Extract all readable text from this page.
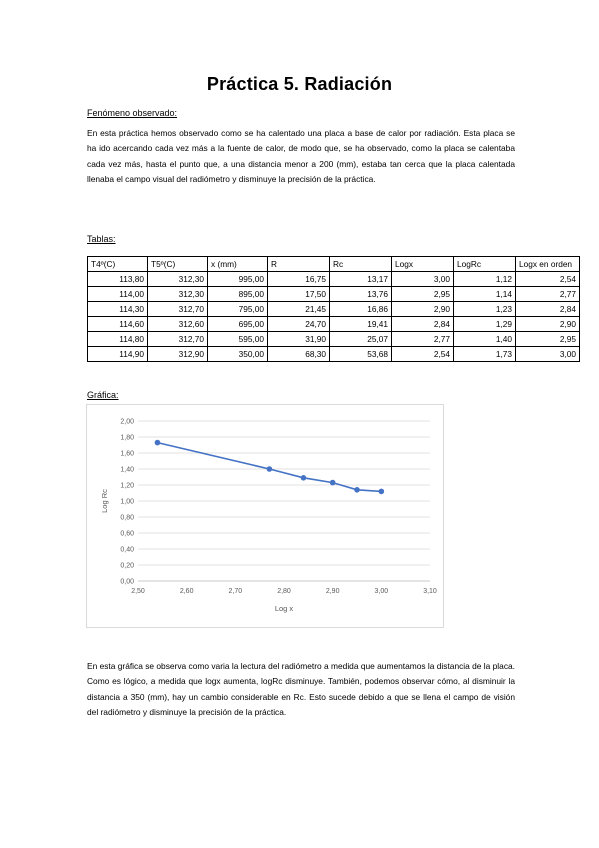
Práctica 5. Radiación
Fenómeno observado:
En esta práctica hemos observado como se ha calentado una placa a base de calor por radiación. Esta placa se ha ido acercando cada vez más a la fuente de calor, de modo que, se ha observado, como la placa se calentaba cada vez más, hasta el punto que, a una distancia menor a 200 (mm), estaba tan cerca que la placa calentada llenaba el campo visual del radiómetro y disminuye la precisión de la práctica.
Tablas:
T4º(C)	T5º(C)	x (mm)	R	Rc	Logx	LogRc	Logx en orden
113,80	312,30	995,00	16,75	13,17	3,00	1,12	2,54
114,00	312,30	895,00	17,50	13,76	2,95	1,14	2,77
114,30	312,70	795,00	21,45	16,86	2,90	1,23	2,84
114,60	312,60	695,00	24,70	19,41	2,84	1,29	2,90
114,80	312,70	595,00	31,90	25,07	2,77	1,40	2,95
114,90	312,90	350,00	68,30	53,68	2,54	1,73	3,00
Gráfica:
0,00
0,20
0,40
0,60
0,80
1,00
1,20
1,40
1,60
1,80
2,00
2,50	2,60	2,70	2,80	2,90	3,00	3,10
Log x
Log Rc
En esta gráfica se observa como varia la lectura del radiómetro a medida que aumentamos la distancia de la placa. Como es lógico, a medida que logx aumenta, logRc disminuye. También, podemos observar cómo, al disminuir la distancia a 350 (mm), hay un cambio considerable en Rc. Esto sucede debido a que se llena el campo de visión del radiómetro y disminuye la precisión de la práctica.
